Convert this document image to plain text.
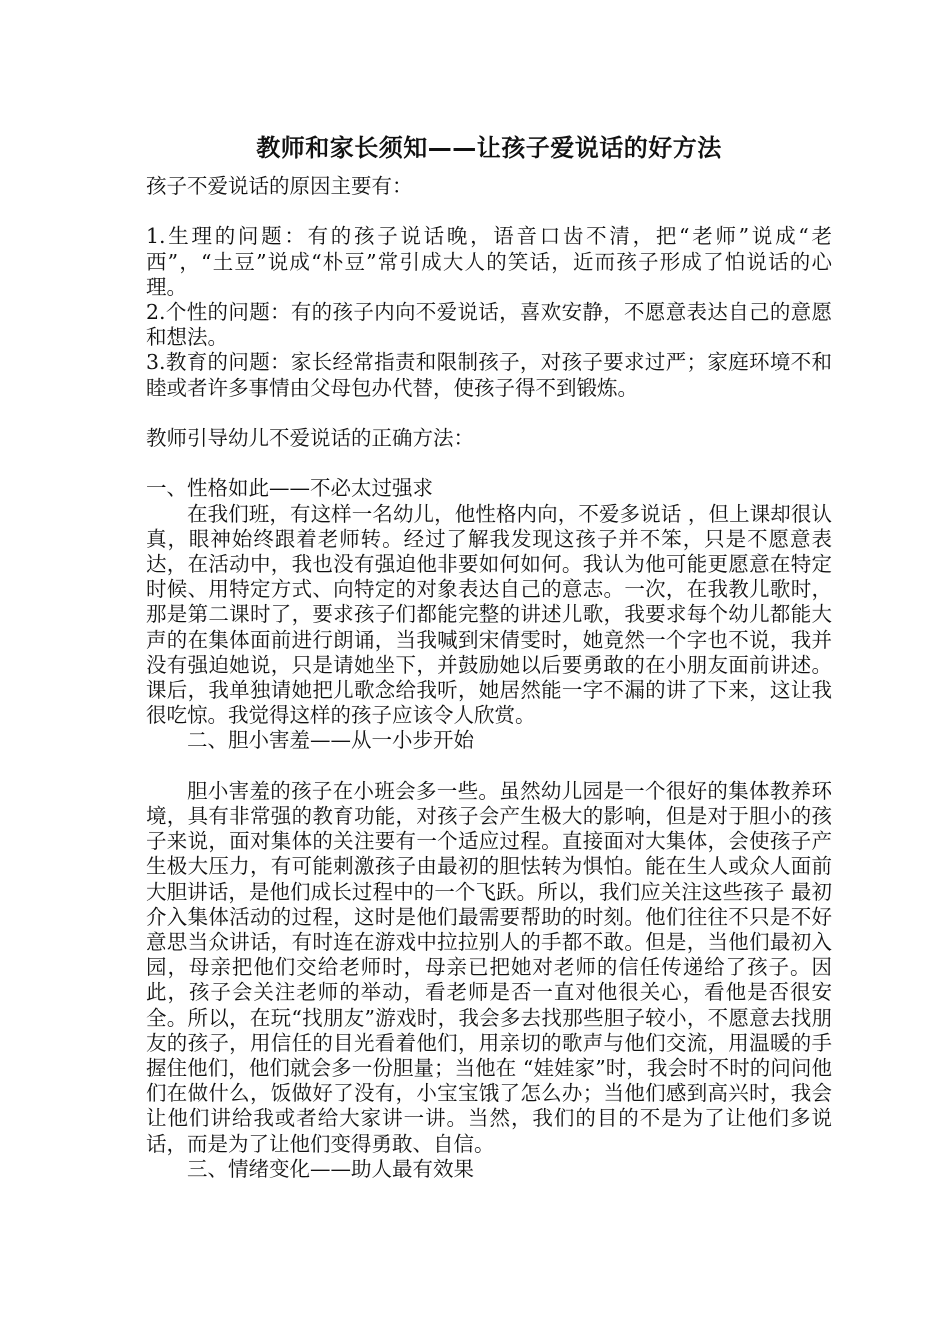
教师和家长须知——让孩子爱说话的好方法

孩子不爱说话的原因主要有：

1.生理的问题：有的孩子说话晚，语音口齿不清，把“老师”说成“老西”，“土豆”说成“朴豆”常引成大人的笑话，近而孩子形成了怕说话的心理。

2.个性的问题：有的孩子内向不爱说话，喜欢安静，不愿意表达自己的意愿和想法。

3.教育的问题：家长经常指责和限制孩子，对孩子要求过严；家庭环境不和睦或者许多事情由父母包办代替，使孩子得不到锻炼。

教师引导幼儿不爱说话的正确方法：

一、性格如此——不必太过强求

在我们班，有这样一名幼儿，他性格内向，不爱多说话 ，但上课却很认真，眼神始终跟着老师转。经过了解我发现这孩子并不笨，只是不愿意表达，在活动中，我也没有强迫他非要如何如何。我认为他可能更愿意在特定时候、用特定方式、向特定的对象表达自己的意志。一次，在我教儿歌时，那是第二课时了，要求孩子们都能完整的讲述儿歌，我要求每个幼儿都能大声的在集体面前进行朗诵，当我喊到宋倩雯时，她竟然一个字也不说，我并没有强迫她说，只是请她坐下，并鼓励她以后要勇敢的在小朋友面前讲述。课后，我单独请她把儿歌念给我听，她居然能一字不漏的讲了下来，这让我很吃惊。我觉得这样的孩子应该令人欣赏。

二、胆小害羞——从一小步开始

胆小害羞的孩子在小班会多一些。虽然幼儿园是一个很好的集体教养环境，具有非常强的教育功能，对孩子会产生极大的影响，但是对于胆小的孩子来说，面对集体的关注要有一个适应过程。直接面对大集体，会使孩子产生极大压力，有可能刺激孩子由最初的胆怯转为惧怕。能在生人或众人面前大胆讲话，是他们成长过程中的一个飞跃。所以，我们应关注这些孩子 最初介入集体活动的过程，这时是他们最需要帮助的时刻。他们往往不只是不好意思当众讲话，有时连在游戏中拉拉别人的手都不敢。但是，当他们最初入园，母亲把他们交给老师时，母亲已把她对老师的信任传递给了孩子。因此，孩子会关注老师的举动，看老师是否一直对他很关心，看他是否很安全。所以，在玩“找朋友”游戏时，我会多去找那些胆子较小，不愿意去找朋友的孩子，用信任的目光看着他们，用亲切的歌声与他们交流，用温暖的手握住他们，他们就会多一份胆量；当他在 “娃娃家”时，我会时不时的问问他们在做什么，饭做好了没有，小宝宝饿了怎么办；当他们感到高兴时，我会让他们讲给我或者给大家讲一讲。当然，我们的目的不是为了让他们多说话，而是为了让他们变得勇敢、自信。

三、情绪变化——助人最有效果
